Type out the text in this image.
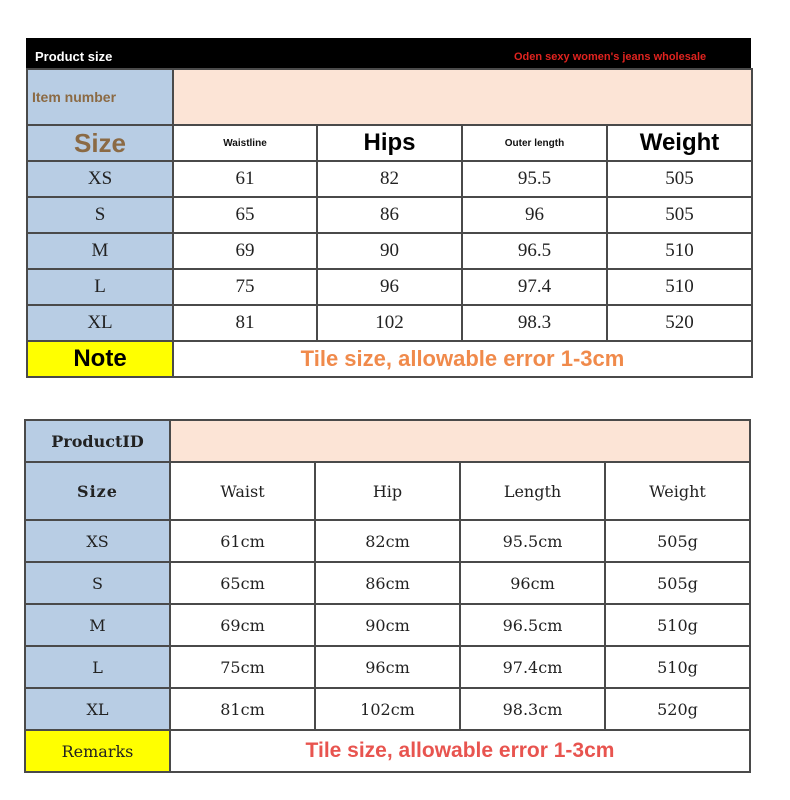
Product size	Oden sexy women's jeans wholesale
Item number				

Size	Waistline	Hips	Outer length	Weight
XS	61	82	95.5	505
S	65	86	96	505
M	69	90	96.5	510
L	75	96	97.4	510
XL	81	102	98.3	520
Note	Tile size, allowable error 1-3cm			
ProductID				
Size	Waist	Hip	Length	Weight
XS	61cm	82cm	95.5cm	505g
S	65cm	86cm	96cm	505g
M	69cm	90cm	96.5cm	510g
L	75cm	96cm	97.4cm	510g
XL	81cm	102cm	98.3cm	520g
Remarks	Tile size, allowable error 1-3cm			
